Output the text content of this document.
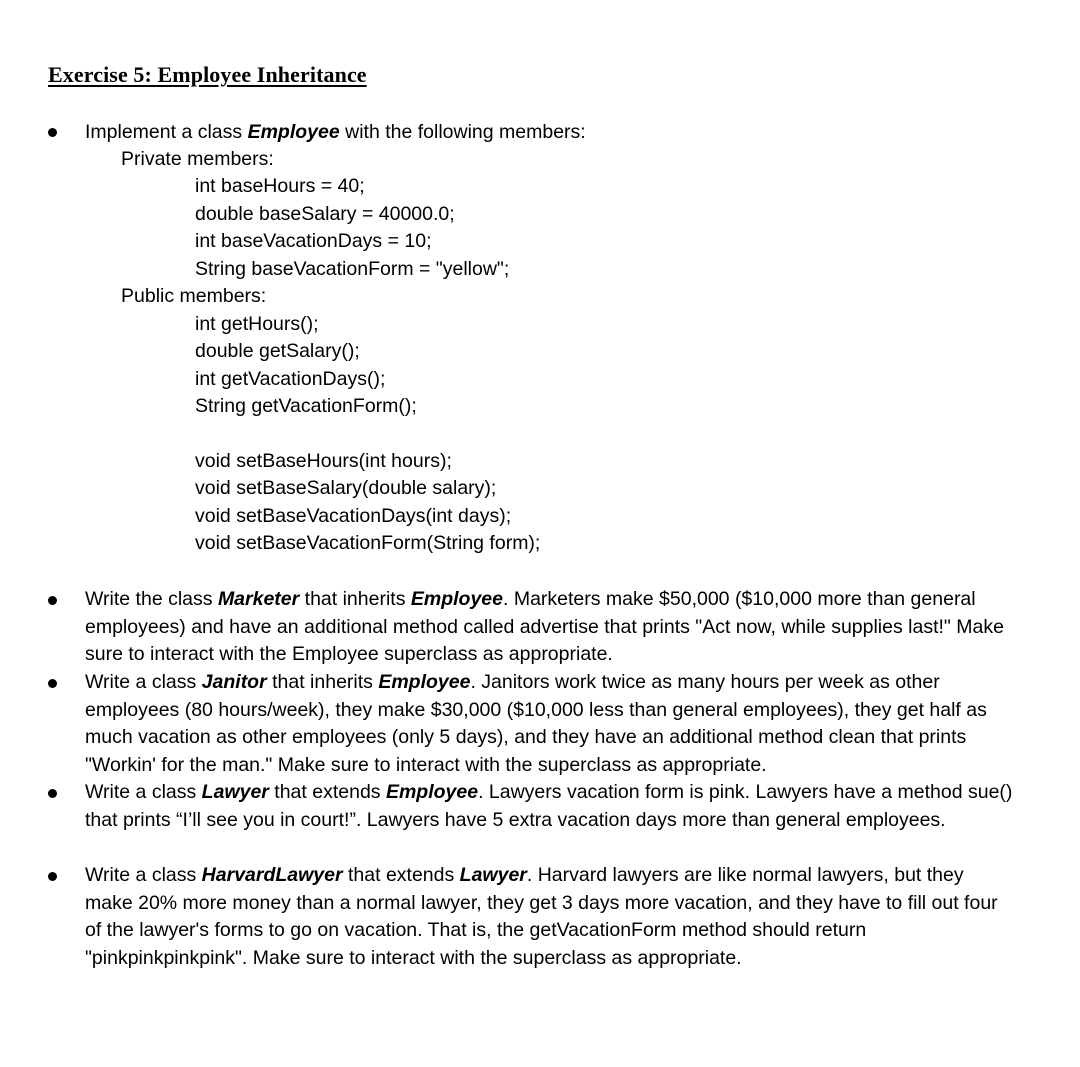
Exercise 5: Employee Inheritance
Implement a class Employee with the following members:
Private members:
int baseHours = 40;
double baseSalary = 40000.0;
int baseVacationDays = 10;
String baseVacationForm = "yellow";
Public members:
int getHours();
double getSalary();
int getVacationDays();
String getVacationForm();
void setBaseHours(int hours);
void setBaseSalary(double salary);
void setBaseVacationDays(int days);
void setBaseVacationForm(String form);
Write the class Marketer that inherits Employee. Marketers make $50,000 ($10,000 more than general employees) and have an additional method called advertise that prints "Act now, while supplies last!" Make sure to interact with the Employee superclass as appropriate.
Write a class Janitor that inherits Employee. Janitors work twice as many hours per week as other employees (80 hours/week), they make $30,000 ($10,000 less than general employees), they get half as much vacation as other employees (only 5 days), and they have an additional method clean that prints "Workin' for the man." Make sure to interact with the superclass as appropriate.
Write a class Lawyer that extends Employee. Lawyers vacation form is pink. Lawyers have a method sue() that prints “I’ll see you in court!”. Lawyers have 5 extra vacation days more than general employees.
Write a class HarvardLawyer that extends Lawyer. Harvard lawyers are like normal lawyers, but they make 20% more money than a normal lawyer, they get 3 days more vacation, and they have to fill out four of the lawyer's forms to go on vacation. That is, the getVacationForm method should return "pinkpinkpinkpink". Make sure to interact with the superclass as appropriate.
